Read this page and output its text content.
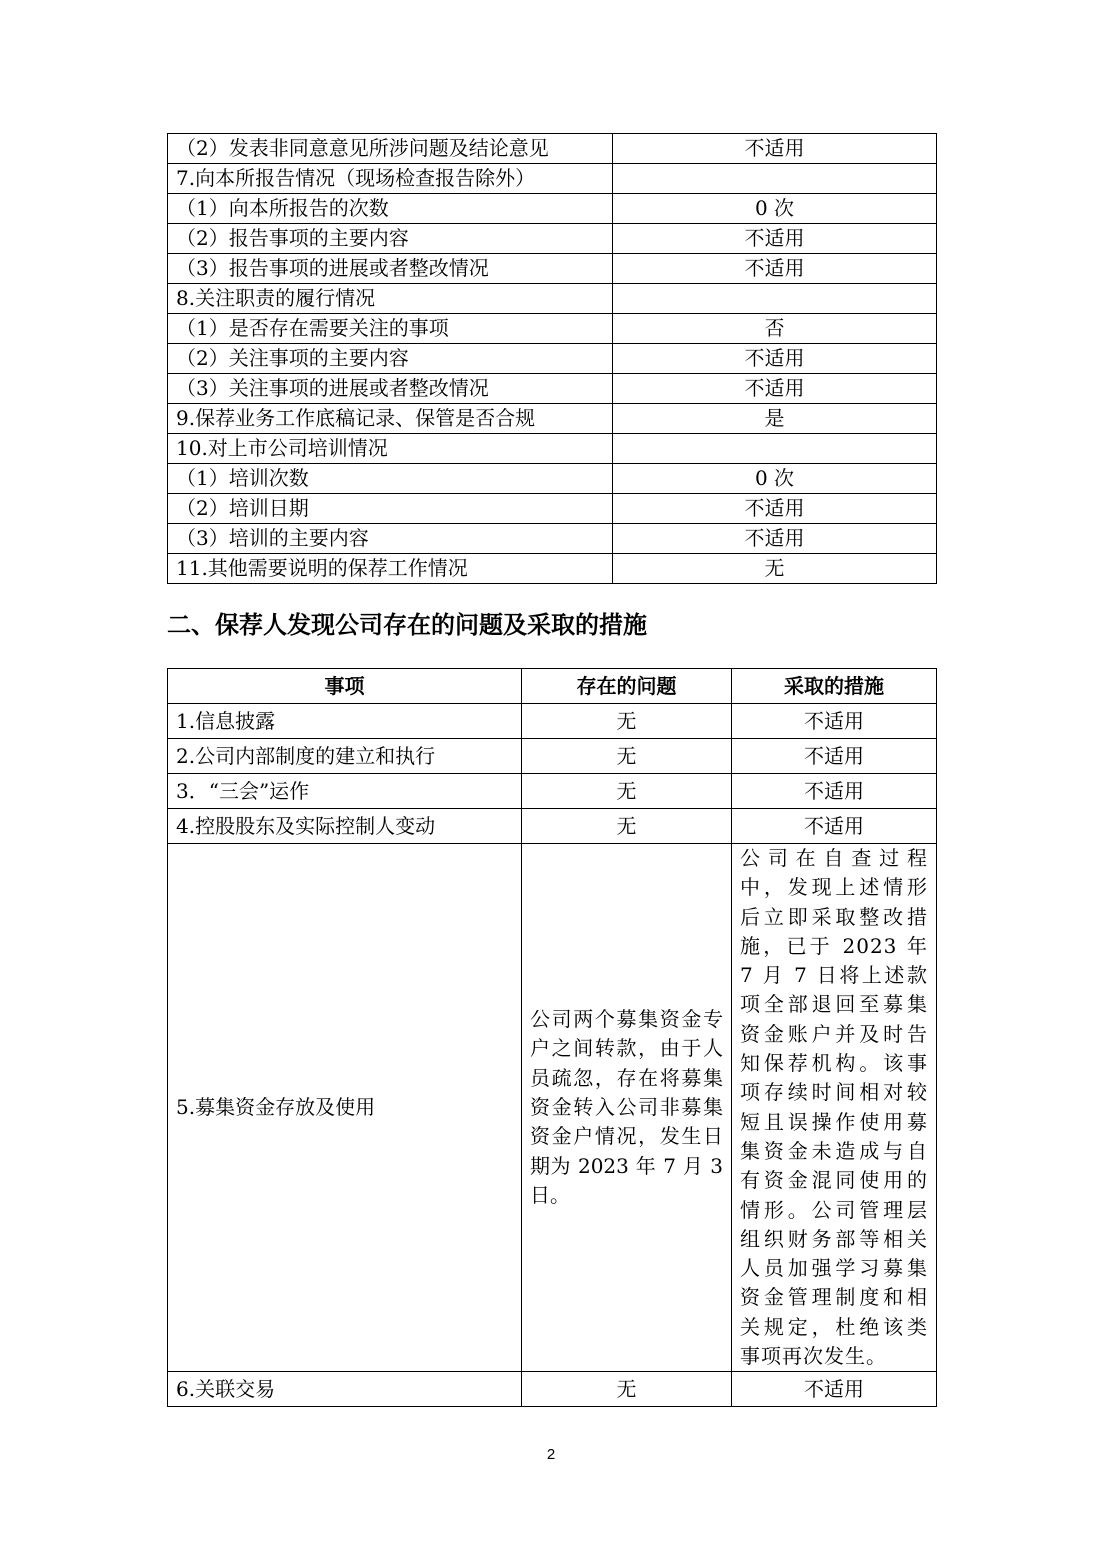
（2）发表非同意意见所涉问题及结论意见	不适用
7.向本所报告情况（现场检查报告除外）	
（1）向本所报告的次数	0 次
（2）报告事项的主要内容	不适用
（3）报告事项的进展或者整改情况	不适用
8.关注职责的履行情况	
（1）是否存在需要关注的事项	否
（2）关注事项的主要内容	不适用
（3）关注事项的进展或者整改情况	不适用
9.保荐业务工作底稿记录、保管是否合规	是
10.对上市公司培训情况	
（1）培训次数	0 次
（2）培训日期	不适用
（3）培训的主要内容	不适用
11.其他需要说明的保荐工作情况	无
二、保荐人发现公司存在的问题及采取的措施
事项	存在的问题	采取的措施
1.信息披露	无	不适用
2.公司内部制度的建立和执行	无	不适用
3．“三会”运作	无	不适用
4.控股股东及实际控制人变动	无	不适用
5.募集资金存放及使用	公司两个募集资金专户之间转款，由于人员疏忽，存在将募集资金转入公司非募集资金户情况，发生日期为 2023 年 7 月 3 日。	公司在自查过程中，发现上述情形后立即采取整改措施，已于 2023 年 7 月 7 日将上述款项全部退回至募集资金账户并及时告知保荐机构。该事项存续时间相对较短且误操作使用募集资金未造成与自有资金混同使用的情形。公司管理层组织财务部等相关人员加强学习募集资金管理制度和相关规定，杜绝该类事项再次发生。
6.关联交易	无	不适用
2
